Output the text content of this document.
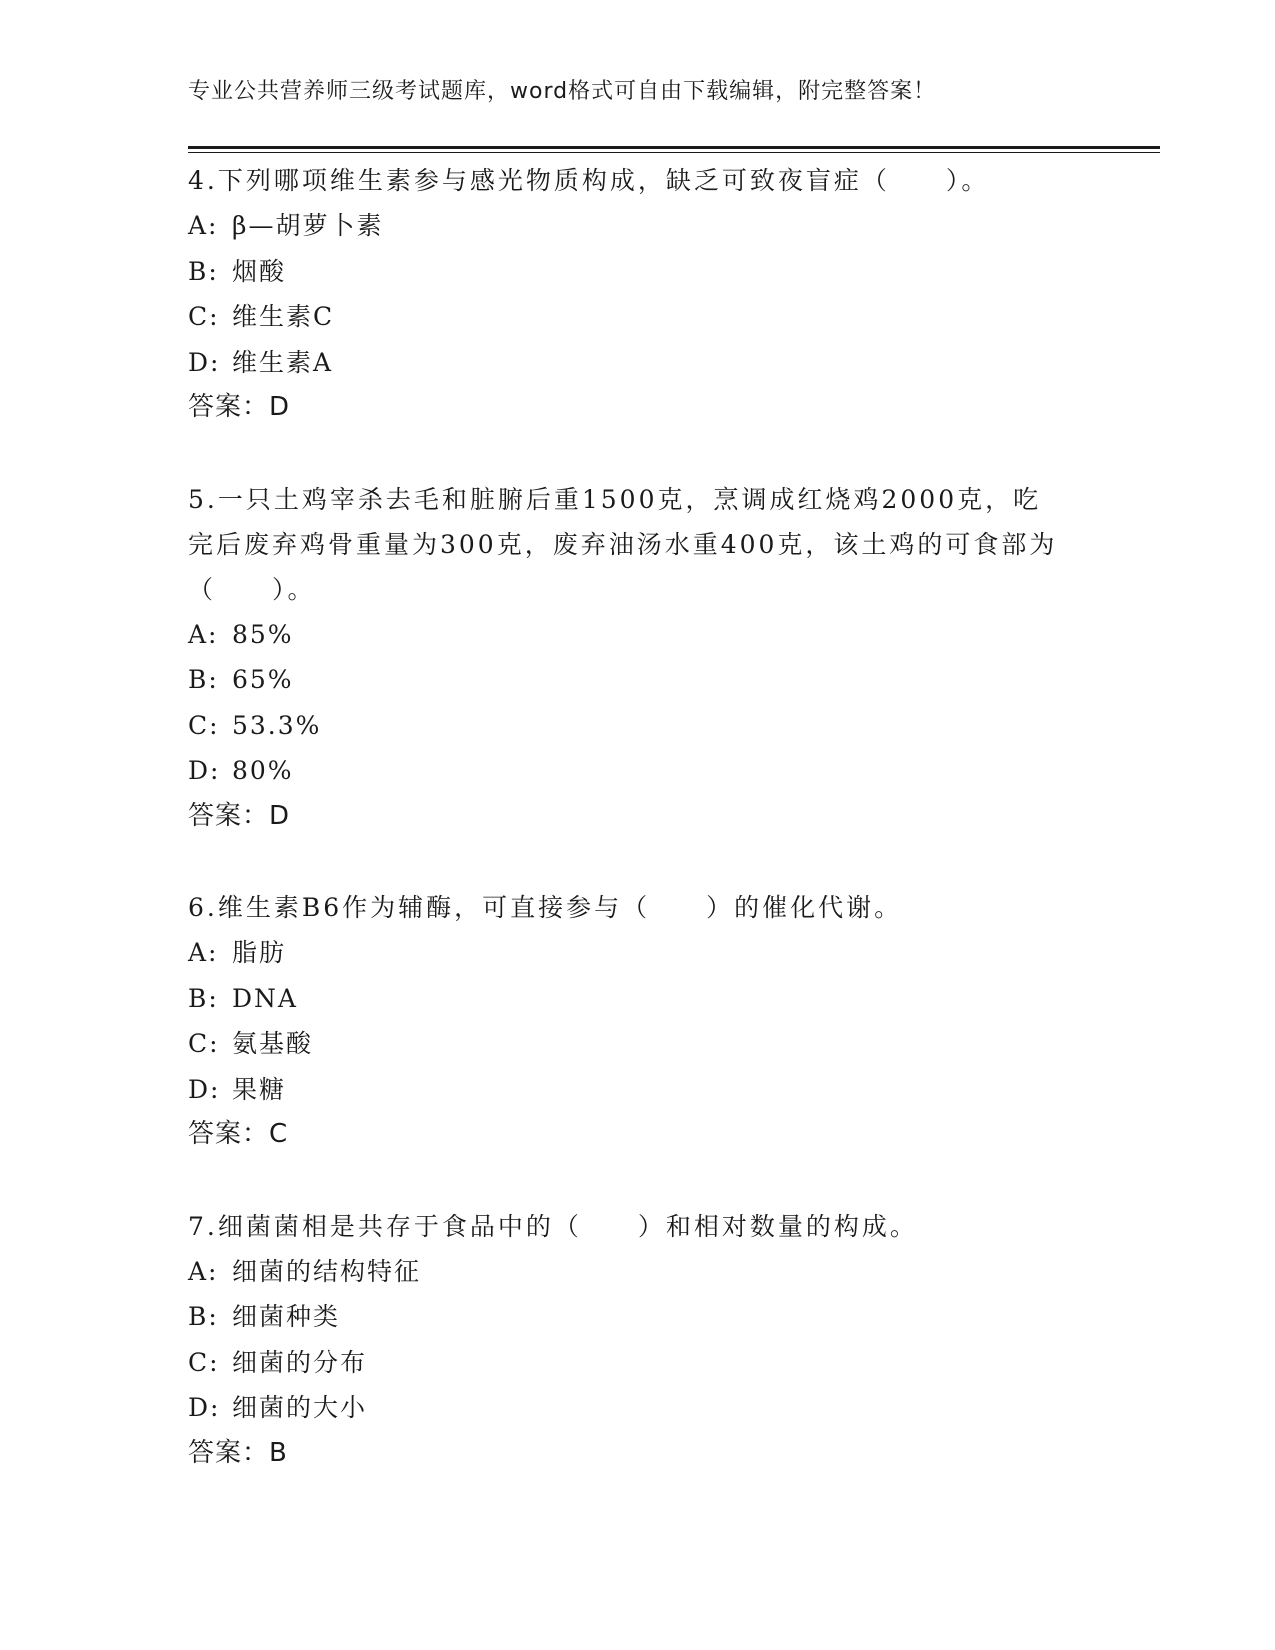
专业公共营养师三级考试题库，word格式可自由下载编辑，附完整答案！
4.下列哪项维生素参与感光物质构成，缺乏可致夜盲症（　　）。
A: β—胡萝卜素
B: 烟酸
C: 维生素C
D: 维生素A
答案：D
5.一只土鸡宰杀去毛和脏腑后重1500克，烹调成红烧鸡2000克，吃完后废弃鸡骨重量为300克，废弃油汤水重400克，该土鸡的可食部为（　　）。
A: 85%
B: 65%
C: 53.3%
D: 80%
答案：D
6.维生素B6作为辅酶，可直接参与（　　）的催化代谢。
A: 脂肪
B: DNA
C: 氨基酸
D: 果糖
答案：C
7.细菌菌相是共存于食品中的（　　）和相对数量的构成。
A: 细菌的结构特征
B: 细菌种类
C: 细菌的分布
D: 细菌的大小
答案：B
